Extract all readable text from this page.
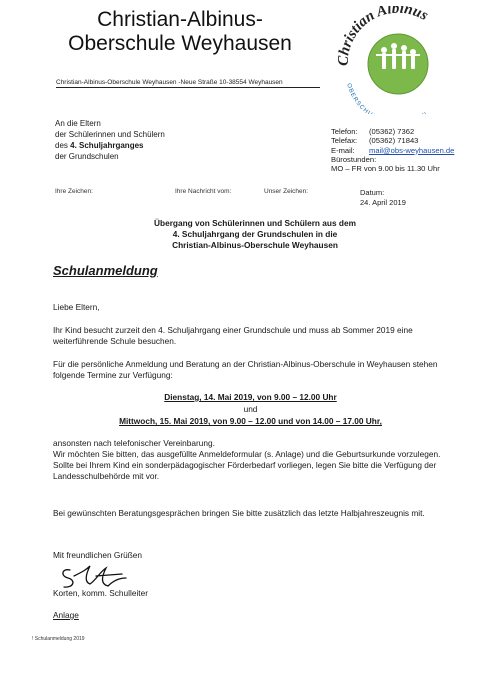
Christian-Albinus-
Oberschule Weyhausen
Christian-Albinus-Oberschule Weyhausen -Neue Straße 10-38554 Weyhausen
Christian Albinus
OBERSCH
An die Eltern
der Schülerinnen und Schülern
des 4. Schuljahrganges
der Grundschulen
Telefon: (05362) 7362
Telefax: (05362) 71843
E-mail: mail@obs-weyhausen.de
Bürostunden:
MO – FR von 9.00 bis 11.30 Uhr
Ihre Zeichen:	Ihre Nachricht vom:	Unser Zeichen:	Datum:
24. April 2019
Übergang von Schülerinnen und Schülern aus dem
4. Schuljahrgang der Grundschulen in die
Christian-Albinus-Oberschule Weyhausen
Schulanmeldung
Liebe Eltern,
Ihr Kind besucht zurzeit den 4. Schuljahrgang einer Grundschule und muss ab Sommer 2019 eine weiterführende Schule besuchen.
Für die persönliche Anmeldung und Beratung an der Christian-Albinus-Oberschule in Weyhausen stehen folgende Termine zur Verfügung:
Dienstag, 14. Mai 2019, von 9.00 – 12.00 Uhr
und
Mittwoch, 15. Mai 2019, von 9.00 – 12.00 und von 14.00 – 17.00 Uhr,
ansonsten nach telefonischer Vereinbarung.
Wir möchten Sie bitten, das ausgefüllte Anmeldeformular (s. Anlage) und die Geburtsurkunde vorzulegen.
Sollte bei Ihrem Kind ein sonderpädagogischer Förderbedarf vorliegen, legen Sie bitte die Verfügung der Landesschulbehörde mit vor.
Bei gewünschten Beratungsgesprächen bringen Sie bitte zusätzlich das letzte Halbjahreszeugnis mit.
Mit freundlichen Grüßen
Korten, komm. Schulleiter
Anlage
! Schulanmeldung 2019
